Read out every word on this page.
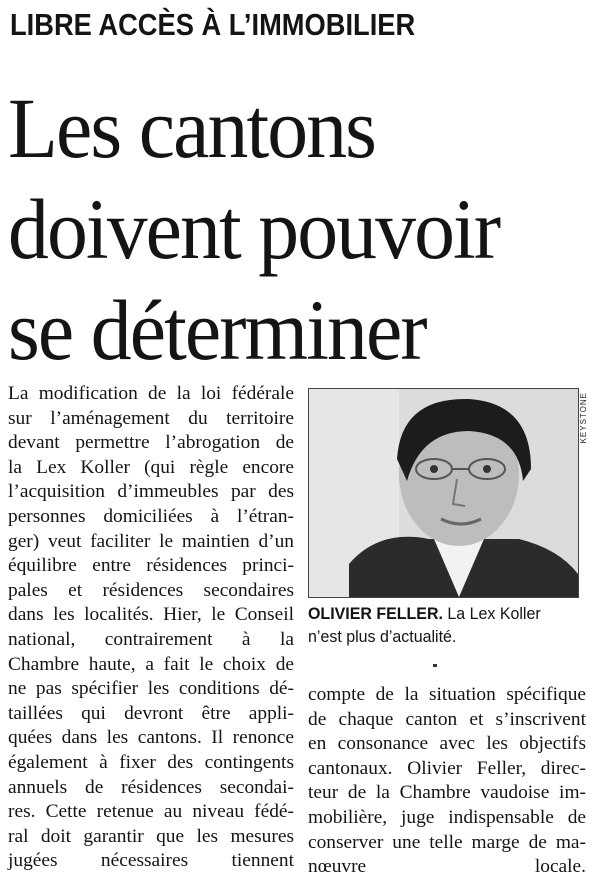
LIBRE ACCÈS À L’IMMOBILIER
Les cantons
doivent pouvoir
se déterminer
La modification de la loi fédérale
sur l’aménagement du territoire
devant permettre l’abrogation de
la Lex Koller (qui règle encore
l’acquisition d’immeubles par des
personnes domiciliées à l’étran-
ger) veut faciliter le maintien d’un
équilibre entre résidences princi-
pales et résidences secondaires
dans les localités. Hier, le Conseil
national, contrairement à la
Chambre haute, a fait le choix de
ne pas spécifier les conditions dé-
taillées qui devront être appli-
quées dans les cantons. Il renonce
également à fixer des contingents
annuels de résidences secondai-
res. Cette retenue au niveau fédé-
ral doit garantir que les mesures
jugées nécessaires tiennent
KEYSTONE
OLIVIER FELLER. La Lex Koller n’est plus d’actualité.
compte de la situation spécifique
de chaque canton et s’inscrivent
en consonance avec les objectifs
cantonaux. Olivier Feller, direc-
teur de la Chambre vaudoise im-
mobilière, juge indispensable de
conserver une telle marge de ma-
nœuvre locale.
